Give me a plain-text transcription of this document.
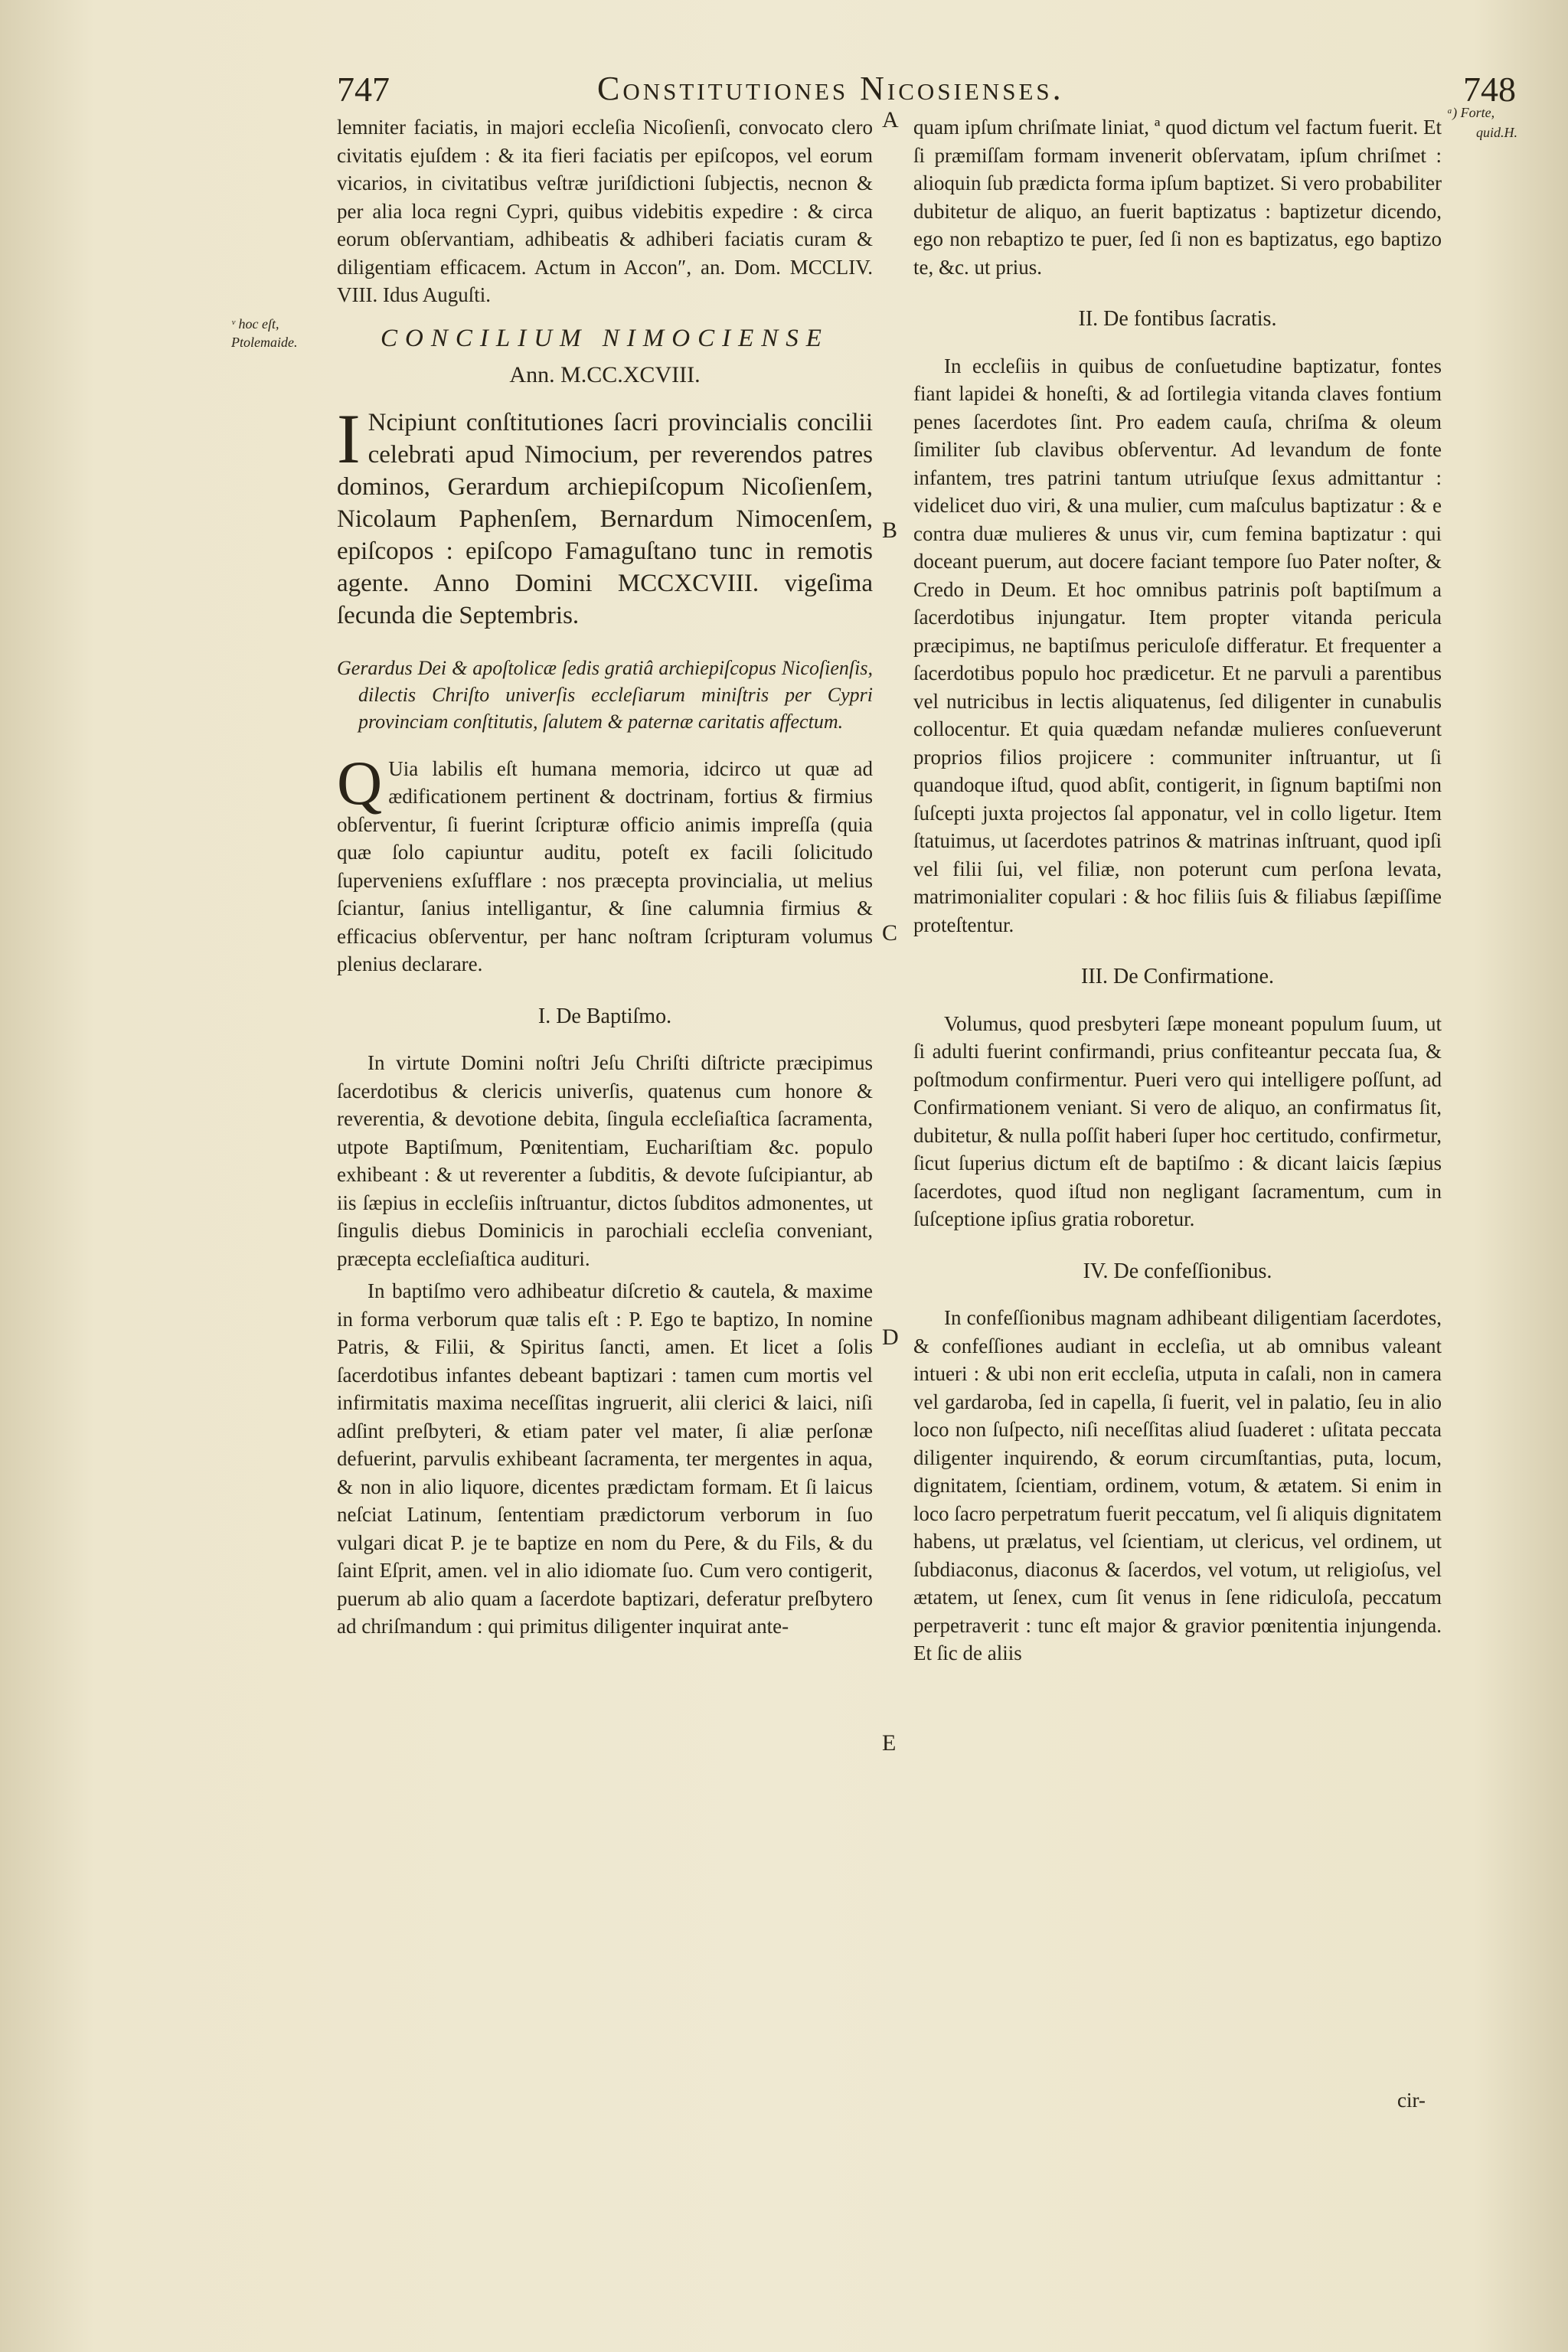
747	Constitutiones Nicosienses.	748
ᵛ hoc eſt,
Ptolemaide.
ᵃ) Forte,
quid.H.
A
B
C
D
E

lemniter faciatis, in majori eccleſia Nicoſienſi, convocato clero civitatis ejuſdem : & ita fieri faciatis per epiſcopos, vel eorum vicarios, in civitatibus veſtræ juriſdictioni ſubjectis, necnon & per alia loca regni Cypri, quibus videbitis expedire : & circa eorum obſervantiam, adhibeatis & adhiberi faciatis curam & diligentiam efficacem. Actum in Accon″, an. Dom. MCCLIV. VIII. Idus Auguſti.

CONCILIUM NIMOCIENSE
Ann. M.CC.XCVIII.

I Ncipiunt conſtitutiones ſacri provincialis concilii celebrati apud Nimocium, per reverendos patres dominos, Gerardum archiepiſcopum Nicoſienſem, Nicolaum Paphenſem, Bernardum Nimocenſem, epiſcopos : epiſcopo Famaguſtano tunc in remotis agente. Anno Domini MCCXCVIII. vigeſima ſecunda die Septembris.

Gerardus Dei & apoſtolicæ ſedis gratiâ archiepiſcopus Nicoſienſis, dilectis Chriſto univerſis eccleſiarum miniſtris per Cypri provinciam conſtitutis, ſalutem & paternæ caritatis affectum.

Q Uia labilis eſt humana memoria, idcirco ut quæ ad ædificationem pertinent & doctrinam, fortius & firmius obſerventur, ſi fuerint ſcripturæ officio animis impreſſa (quia quæ ſolo capiuntur auditu, poteſt ex facili ſolicitudo ſuperveniens exſufflare : nos præcepta provincialia, ut melius ſciantur, ſanius intelligantur, & ſine calumnia firmius & efficacius obſerventur, per hanc noſtram ſcripturam volumus plenius declarare.

I. De Baptiſmo.

In virtute Domini noſtri Jeſu Chriſti diſtricte præcipimus ſacerdotibus & clericis univerſis, quatenus cum honore & reverentia, & devotione debita, ſingula eccleſiaſtica ſacramenta, utpote Baptiſmum, Pœnitentiam, Euchariſtiam &c. populo exhibeant : & ut reverenter a ſubditis, & devote ſuſcipiantur, ab iis ſæpius in eccleſiis inſtruantur, dictos ſubditos admonentes, ut ſingulis diebus Dominicis in parochiali eccleſia conveniant, præcepta eccleſiaſtica audituri.

In baptiſmo vero adhibeatur diſcretio & cautela, & maxime in forma verborum quæ talis eſt : P. Ego te baptizo, In nomine Patris, & Filii, & Spiritus ſancti, amen. Et licet a ſolis ſacerdotibus infantes debeant baptizari : tamen cum mortis vel infirmitatis maxima neceſſitas ingruerit, alii clerici & laici, niſi adſint preſbyteri, & etiam pater vel mater, ſi aliæ perſonæ defuerint, parvulis exhibeant ſacramenta, ter mergentes in aqua, & non in alio liquore, dicentes prædictam formam. Et ſi laicus neſciat Latinum, ſententiam prædictorum verborum in ſuo vulgari dicat P. je te baptize en nom du Pere, & du Fils, & du ſaint Eſprit, amen. vel in alio idiomate ſuo. Cum vero contigerit, puerum ab alio quam a ſacerdote baptizari, deferatur preſbytero ad chriſmandum : qui primitus diligenter inquirat ante-

quam ipſum chriſmate liniat, ª quod dictum vel factum fuerit. Et ſi præmiſſam formam invenerit obſervatam, ipſum chriſmet : alioquin ſub prædicta forma ipſum baptizet. Si vero probabiliter dubitetur de aliquo, an fuerit baptizatus : baptizetur dicendo, ego non rebaptizo te puer, ſed ſi non es baptizatus, ego baptizo te, &c. ut prius.

II. De fontibus ſacratis.

In eccleſiis in quibus de conſuetudine baptizatur, fontes fiant lapidei & honeſti, & ad ſortilegia vitanda claves fontium penes ſacerdotes ſint. Pro eadem cauſa, chriſma & oleum ſimiliter ſub clavibus obſerventur. Ad levandum de fonte infantem, tres patrini tantum utriuſque ſexus admittantur : videlicet duo viri, & una mulier, cum maſculus baptizatur : & e contra duæ mulieres & unus vir, cum femina baptizatur : qui doceant puerum, aut docere faciant tempore ſuo Pater noſter, & Credo in Deum. Et hoc omnibus patrinis poſt baptiſmum a ſacerdotibus injungatur. Item propter vitanda pericula præcipimus, ne baptiſmus periculoſe differatur. Et frequenter a ſacerdotibus populo hoc prædicetur. Et ne parvuli a parentibus vel nutricibus in lectis aliquatenus, ſed diligenter in cunabulis collocentur. Et quia quædam nefandæ mulieres conſueverunt proprios filios projicere : communiter inſtruantur, ut ſi quandoque iſtud, quod abſit, contigerit, in ſignum baptiſmi non ſuſcepti juxta projectos ſal apponatur, vel in collo ligetur. Item ſtatuimus, ut ſacerdotes patrinos & matrinas inſtruant, quod ipſi vel filii ſui, vel filiæ, non poterunt cum perſona levata, matrimonialiter copulari : & hoc filiis ſuis & filiabus ſæpiſſime proteſtentur.

III. De Confirmatione.

Volumus, quod presbyteri ſæpe moneant populum ſuum, ut ſi adulti fuerint confirmandi, prius confiteantur peccata ſua, & poſtmodum confirmentur. Pueri vero qui intelligere poſſunt, ad Confirmationem veniant. Si vero de aliquo, an confirmatus ſit, dubitetur, & nulla poſſit haberi ſuper hoc certitudo, confirmetur, ſicut ſuperius dictum eſt de baptiſmo : & dicant laicis ſæpius ſacerdotes, quod iſtud non negligant ſacramentum, cum in ſuſceptione ipſius gratia roboretur.

IV. De confeſſionibus.

In confeſſionibus magnam adhibeant diligentiam ſacerdotes, & confeſſiones audiant in eccleſia, ut ab omnibus valeant intueri : & ubi non erit eccleſia, utputa in caſali, non in camera vel gardaroba, ſed in capella, ſi fuerit, vel in palatio, ſeu in alio loco non ſuſpecto, niſi neceſſitas aliud ſuaderet : uſitata peccata diligenter inquirendo, & eorum circumſtantias, puta, locum, dignitatem, ſcientiam, ordinem, votum, & ætatem. Si enim in loco ſacro perpetratum fuerit peccatum, vel ſi aliquis dignitatem habens, ut prælatus, vel ſcientiam, ut clericus, vel ordinem, ut ſubdiaconus, diaconus & ſacerdos, vel votum, ut religioſus, vel ætatem, ut ſenex, cum ſit venus in ſene ridiculoſa, peccatum perpetraverit : tunc eſt major & gravior pœnitentia injungenda. Et ſic de aliis

cir-
